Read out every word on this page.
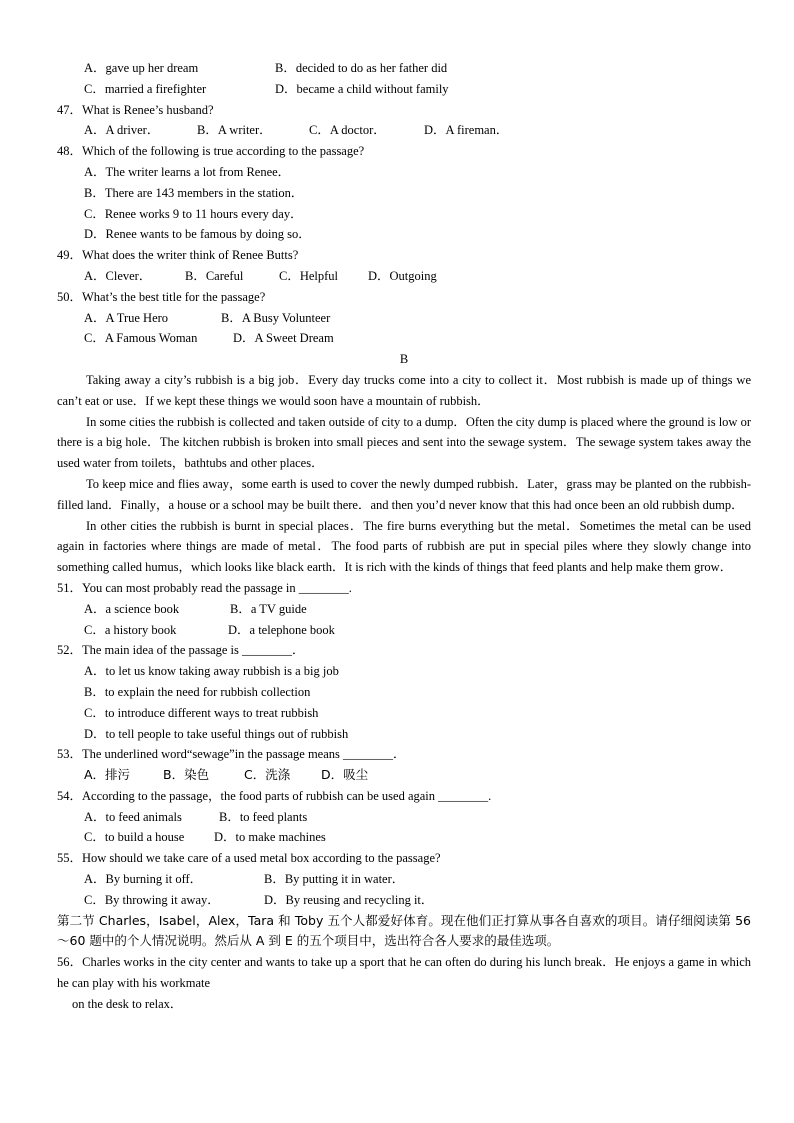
A．gave up her dream	B．decided to do as her father did
C．married a firefighter	D．became a child without family
47．What is Renee’s husband?
A．A driver．	B．A writer．	C．A doctor．	D．A fireman．
48．Which of the following is true according to the passage?
A．The writer learns a lot from Renee．
B．There are 143 members in the station．
C．Renee works 9 to 11 hours every day．
D．Renee wants to be famous by doing so．
49．What does the writer think of Renee Butts?
A．Clever．	B．Careful	C．Helpful D．Outgoing
50．What’s the best title for the passage?
A．A True Hero	B．A Busy Volunteer
C．A Famous Woman	D．A Sweet Dream
B
Taking away a city’s rubbish is a big job．Every day trucks come into a city to collect it．Most rubbish is made up of things we can’t eat or use．If we kept these things we would soon have a mountain of rubbish．
In some cities the rubbish is collected and taken outside of city to a dump．Often the city dump is placed where the ground is low or there is a big hole．The kitchen rubbish is broken into small pieces and sent into the sewage system．The sewage system takes away the used water from toilets，bathtubs and other places．
To keep mice and flies away，some earth is used to cover the newly dumped rubbish．Later，grass may be planted on the rubbish-filled land．Finally，a house or a school may be built there．and then you’d never know that this had once been an old rubbish dump．
In other cities the rubbish is burnt in special places．The fire burns everything but the metal．Sometimes the metal can be used again in factories where things are made of metal．The food parts of rubbish are put in special piles where they slowly change into something called humus，which looks like black earth．It is rich with the kinds of things that feed plants and help make them grow．
51．You can most probably read the passage in ________.
A．a science book	B．a TV guide
C．a history book	D．a telephone book
52．The main idea of the passage is ________．
A．to let us know taking away rubbish is a big job
B．to explain the need for rubbish collection
C．to introduce different ways to treat rubbish
D．to tell people to take useful things out of rubbish
53．The underlined word“sewage”in the passage means ________．
A．排污	B．染色	C．洗涤 D．吸尘
54．According to the passage，the food parts of rubbish can be used again ________.
A．to feed animals	B．to feed plants
C．to build a house D．to make machines
55．How should we take care of a used metal box according to the passage?
A．By burning it off．	B．By putting it in water．
C．By throwing it away．	D．By reusing and recycling it．
第二节 Charles，Isabel，Alex，Tara 和 Toby 五个人都爱好体育。现在他们正打算从事各自喜欢的项目。请仔细阅读第 56～60 题中的个人情况说明。然后从 A 到 E 的五个项目中，选出符合各人要求的最佳选项。
56．Charles works in the city center and wants to take up a sport that he can often do during his lunch break．He enjoys a game in which he can play with his workmate
on the desk to relax．
